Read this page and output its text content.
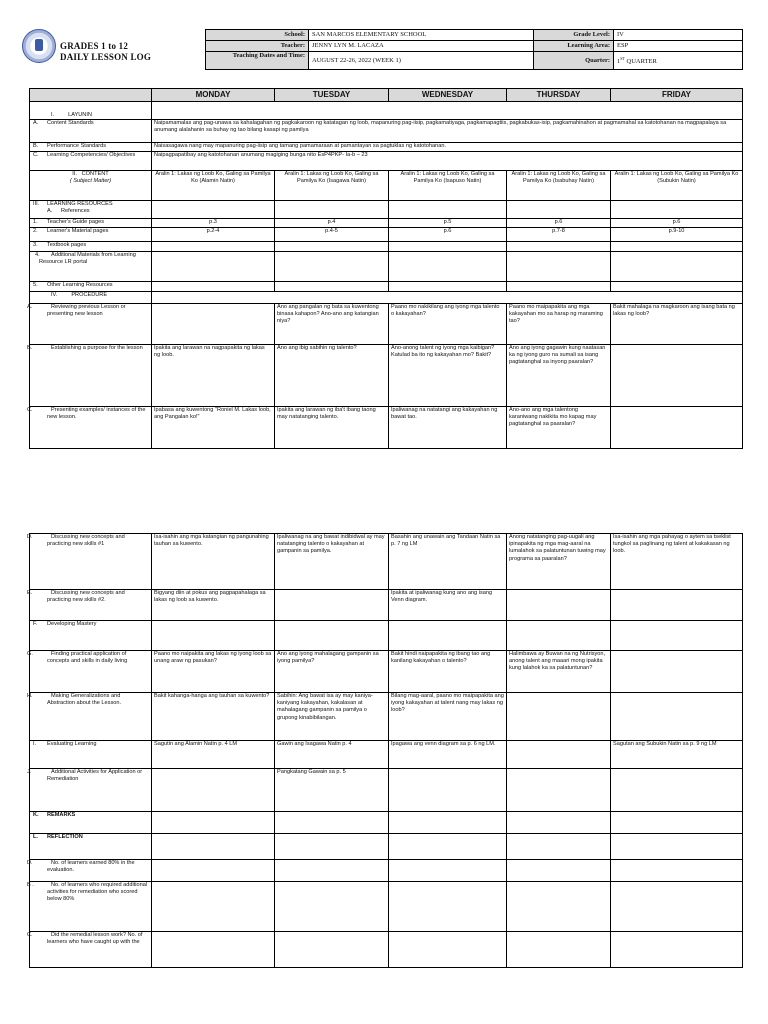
GRADES 1 to 12
DAILY LESSON LOG
School:	SAN MARCOS ELEMENTARY SCHOOL	Grade Level:	IV
Teacher:	JENNY LYN M. LACAZA	Learning Area:	ESP
Teaching Dates and Time:	AUGUST 22-26, 2022 (WEEK 1)	Quarter:	1ST QUARTER
	MONDAY	TUESDAY	WEDNESDAY	THURSDAY	FRIDAY
I. LAYUNIN					
A. Content Standards	Naipamamalas ang pag-unawa sa kahalagahan ng pagkakaroon ng katatagan ng loob, mapanuring pag-iisip, pagkamatiyaga, pagkamapagtiis, pagkabukas-isip, pagkamahinahon at pagmamahal sa katotohanan na magpapalaya sa anumang alalahanin sa buhay ng tao bilang kasapi ng pamilya				
B. Performance Standards	Naisasagawa nang may mapanuring pag-iisip ang tamang pamamaraan at pamantayan sa pagtuklas ng katotohanan.				
C. Learning Competencies/ Objectives	Naipagpapatibay ang katotohanan anumang magiging bunga nito EsP4PKP- Ia-b – 23				
II. CONTENT
( Subject Matter)	Aralin 1: Lakas ng Loob Ko, Galing sa Pamilya Ko (Alamin Natin)	Aralin 1: Lakas ng Loob Ko, Galing sa Pamilya Ko (Isagawa Natin)	Aralin 1: Lakas ng Loob Ko, Galing sa Pamilya Ko (Isapuso Natin)	Aralin 1: Lakas ng Loob Ko, Galing sa Pamilya Ko (Isabuhay Natin)	Aralin 1: Lakas ng Loob Ko, Galing sa Pamilya Ko (Subukin Natin)
III. LEARNING RESOURCES
A. References					
1. Teacher's Guide pages	p.3	p.4	p.5	p.6	p.6
2. Learner's Material pages	p.2-4	p.4-5	p.6	p.7-8	p.9-10
3. Textbook pages					

4. Additional Materials from Learning Resource LR portal					

5. Other Learning Resources					
IV. PROCEDURE					

A. Reviewing previous Lesson or presenting new lesson		Ano ang pangalan ng bata sa kuwentong binasa kahapon? Ano-ano ang katangian niya?	Paano mo nakikilang ang iyong mga talento o kakayahan?	Paano mo maipapakita ang mga kakayahan mo sa harap ng maraming tao?	Bakit mahalaga na magkaroon ang isang bata ng lakas ng loob?

B. Establishing a purpose for the lesson	Ipakita ang larawan na nagpapakita ng lakas ng loob.	Ano ang ibig sabihin ng talento?	Ano-anong talent ng iyong mga kaibigan? Katulad ba ito ng kakayahan mo? Bakit?	Ano ang iyong gagawin kung naatasan ka ng iyong guro na sumali sa isang pagtatanghal sa inyong paaralan?	

C. Presenting examples/ instances of the new lesson.	Ipabasa ang kuwentong "Roniel M. Lakas loob, ang Pangalan ko!"	Ipakita ang larawan ng iba't ibang taong may natatanging talento.	Ipaliwanag na natatangi ang kakayahan ng bawat tao.	Ano-ano ang mga talentong karaniwang nakikita mo kapag may pagtatanghal sa paaralan?	
D. Discussing new concepts and practicing new skills #1	Isa-isahin ang mga katangian ng pangunahing tauhan sa kuwento.	Ipaliwanag na ang bawat indibidwal ay may natatanging talento o kakayahan at gampanin sa pamilya.	Basahin ang unawain ang Tandaan Natin sa p. 7 ng LM	Anong natatanging pag-uugali ang ipinapakita ng mga mag-aaral na lumalahok sa palatuntunan tuwing may programa sa paaralan?	Isa-isahin ang mga pahayag o aytem sa tseklist tungkol sa paglinang ng talent at kakakasan ng loob.

E. Discussing new concepts and practicing new skills #2.	Bigyang diin at pokus ang pagpapahalaga sa lakas ng loob sa kuwento.		Ipakita at ipaliwanag kung ano ang isang Venn diagram.		
F. Developing Mastery					

G. Finding practical application of concepts and skills in daily living	Paano mo naipakita ang lakas ng iyong loob sa unang araw ng pasukan?	Ano ang iyong mahalagang gampanin sa iyong pamilya?	Bakit hindi naipapakita ng ibang tao ang kanilang kakayahan o talento?	Halimbawa ay Buwan na ng Nutrisyon, anong talent ang maaari mong ipakita kung lalahok ka sa palatuntunan?	

H. Making Generalizations and Abstraction about the Lesson.	Bakit kahanga-hanga ang tauhan sa kuwento?	Sabihin: Ang bawat isa ay may kaniya-kaniyang kakayahan, kakalasan at mahalagang gampanin sa pamilya o grupong kinabibilangan.	Bilang mag-aaral, paano mo maipapakita ang iyong kakayahan at talent nang may lakas ng loob?		
I. Evaluating Learning	Sagutin ang Alamin Natin p. 4 LM	Gawin ang Isagawa Natin p. 4	Ipagawa ang venn diagram sa p. 6 ng LM.		Sagutan ang Subukin Natin sa p. 9 ng LM

J. Additional Activities for Application or Remediation		Pangkatang Gawain sa p. 5			
K. REMARKS					
L. REFLECTION					

D. No. of learners earned 80% in the evaluation.					

B . No. of learners who required additional activities for remediation who scored below 80%					

C. Did the remedial lesson work? No. of learners who have caught up with the					
